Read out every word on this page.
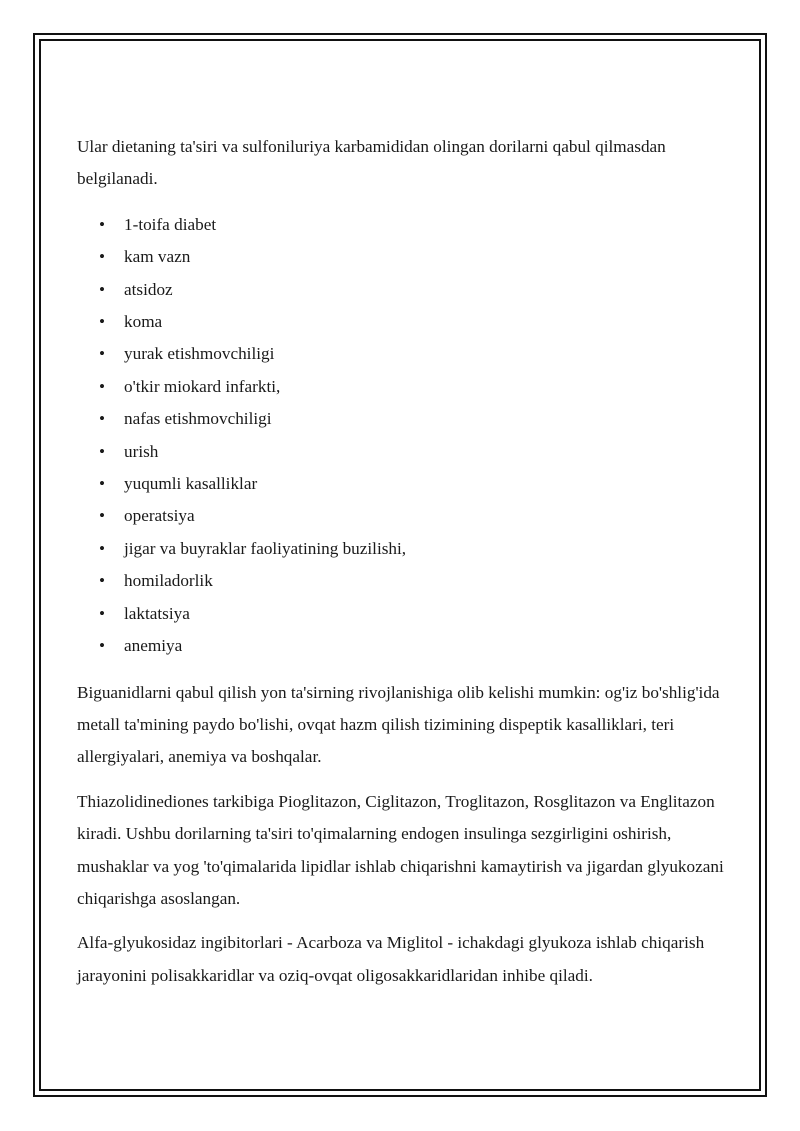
Ular dietaning ta'siri va sulfoniluriya karbamididan olingan dorilarni qabul qilmasdan belgilanadi.

• 1-toifa diabet
• kam vazn
• atsidoz
• koma
• yurak etishmovchiligi
• o'tkir miokard infarkti,
• nafas etishmovchiligi
• urish
• yuqumli kasalliklar
• operatsiya
• jigar va buyraklar faoliyatining buzilishi,
• homiladorlik
• laktatsiya
• anemiya

Biguanidlarni qabul qilish yon ta'sirning rivojlanishiga olib kelishi mumkin: og'iz bo'shlig'ida metall ta'mining paydo bo'lishi, ovqat hazm qilish tizimining dispeptik kasalliklari, teri allergiyalari, anemiya va boshqalar.

Thiazolidinediones tarkibiga Pioglitazon, Ciglitazon, Troglitazon, Rosglitazon va Englitazon kiradi. Ushbu dorilarning ta'siri to'qimalarning endogen insulinga sezgirligini oshirish, mushaklar va yog 'to'qimalarida lipidlar ishlab chiqarishni kamaytirish va jigardan glyukozani chiqarishga asoslangan.

Alfa-glyukosidaz ingibitorlari - Acarboza va Miglitol - ichakdagi glyukoza ishlab chiqarish jarayonini polisakkaridlar va oziq-ovqat oligosakkaridlaridan inhibe qiladi.
